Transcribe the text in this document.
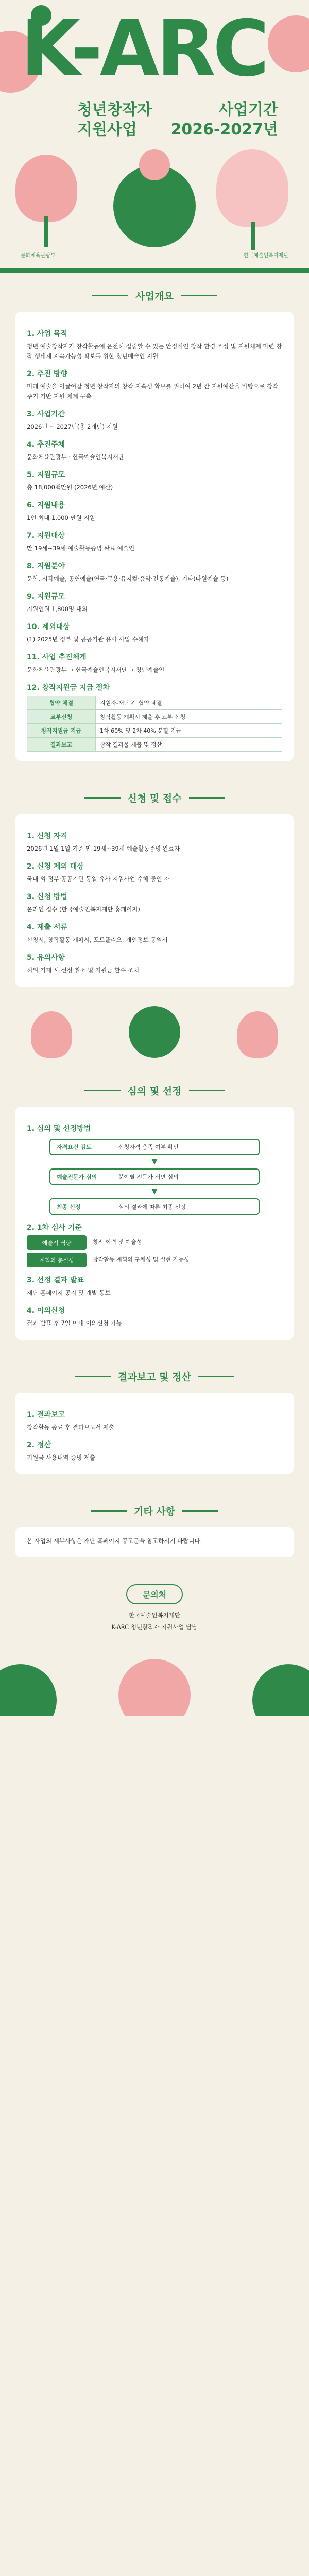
K-ARC
청년창작자
지원사업
사업기간
2026-2027년
문화체육관광부	한국예술인복지재단
사업개요
1. 사업 목적

청년 예술창작자가 창작활동에 온전히 집중할 수 있는 안정적인 창작 환경 조성 및 지원체계 마련 창작 생태계 지속가능성 확보를 위한 청년예술인 지원

2. 추진 방향

미래 예술을 이끌어갈 청년 창작자의 창작 지속성 확보를 위하여 2년 간 지원예산을 바탕으로 창작 주기 기반 지원 체계 구축

3. 사업기간

2026년 ~ 2027년(총 2개년) 지원

4. 추진주체

문화체육관광부 · 한국예술인복지재단

5. 지원규모

총 18,000백만원 (2026년 예산)

6. 지원내용

1인 최대 1,000 만원 지원

7. 지원대상

만 19세~39세 예술활동증명 완료 예술인

8. 지원분야

문학, 시각예술, 공연예술(연극·무용·뮤지컬·음악·전통예술), 기타(다원예술 등)

9. 지원규모

지원인원 1,800명 내외

10. 제외대상

(1) 2025년 정부 및 공공기관 유사 사업 수혜자

11. 사업 추진체계

문화체육관광부 → 한국예술인복지재단 → 청년예술인

12. 창작지원금 지급 절차
협약 체결	지원자-재단 간 협약 체결
교부신청	창작활동 계획서 제출 후 교부 신청
창작지원금 지급	1차 60% 및 2차 40% 분할 지급
결과보고	창작 결과물 제출 및 정산
신청 및 접수
1. 신청 자격

2026년 1월 1일 기준 만 19세~39세 예술활동증명 완료자

2. 신청 제외 대상

국내 외 정부·공공기관 동일 유사 지원사업 수혜 중인 자

3. 신청 방법

온라인 접수 (한국예술인복지재단 홈페이지)

4. 제출 서류

신청서, 창작활동 계획서, 포트폴리오, 개인정보 동의서

5. 유의사항

허위 기재 시 선정 취소 및 지원금 환수 조치

심의 및 선정
1. 심의 및 선정방법
자격요건 검토	신청자격 충족 여부 확인
▼
예술전문가 심의	분야별 전문가 서면 심의
▼
최종 선정	심의 결과에 따른 최종 선정
2. 1차 심사 기준
예술적 역량	창작 이력 및 예술성
계획의 충실성	창작활동 계획의 구체성 및 실현 가능성
3. 선정 결과 발표

재단 홈페이지 공지 및 개별 통보

4. 이의신청

결과 발표 후 7일 이내 이의신청 가능

결과보고 및 정산
1. 결과보고

창작활동 종료 후 결과보고서 제출

2. 정산

지원금 사용내역 증빙 제출

기타 사항

본 사업의 세부사항은 재단 홈페이지 공고문을 참고하시기 바랍니다.

문의처

한국예술인복지재단

K-ARC 청년창작자 지원사업 담당
